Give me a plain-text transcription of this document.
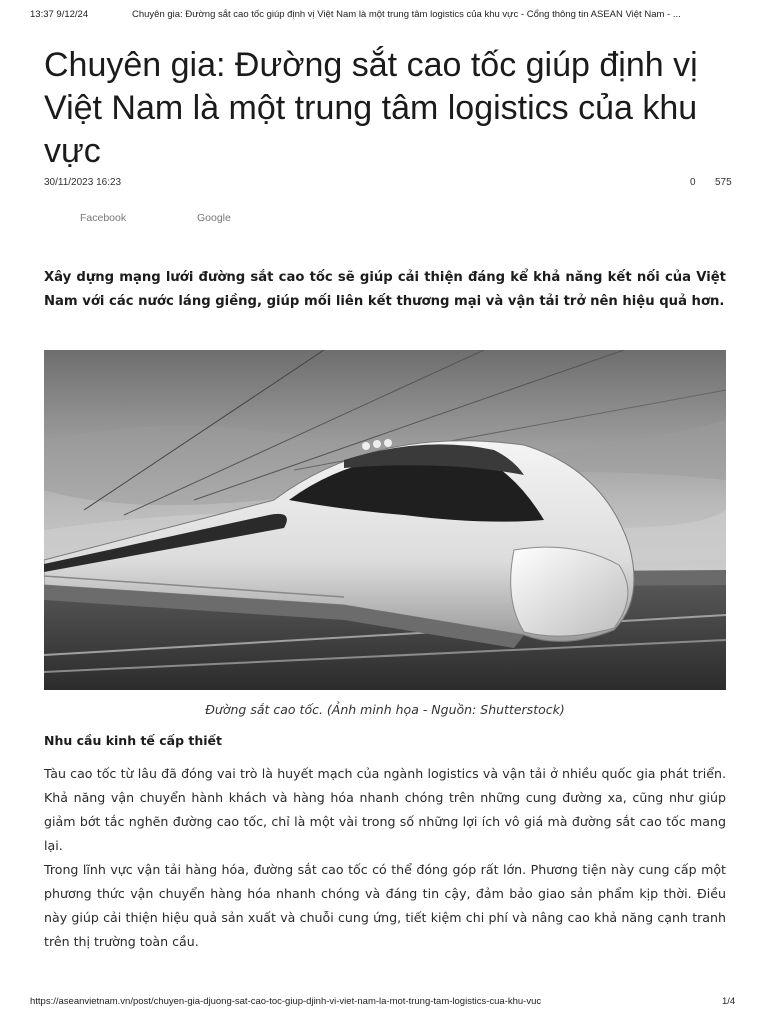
13:37 9/12/24	Chuyên gia: Đường sắt cao tốc giúp định vị Việt Nam là một trung tâm logistics của khu vực - Cổng thông tin ASEAN Việt Nam - ...
Chuyên gia: Đường sắt cao tốc giúp định vị Việt Nam là một trung tâm logistics của khu vực
30/11/2023 16:23	0 575
Facebook	Google

Xây dựng mạng lưới đường sắt cao tốc sẽ giúp cải thiện đáng kể khả năng kết nối của Việt Nam với các nước láng giềng, giúp mối liên kết thương mại và vận tải trở nên hiệu quả hơn.

Đường sắt cao tốc. (Ảnh minh họa - Nguồn: Shutterstock)
Nhu cầu kinh tế cấp thiết

Tàu cao tốc từ lâu đã đóng vai trò là huyết mạch của ngành logistics và vận tải ở nhiều quốc gia phát triển. Khả năng vận chuyển hành khách và hàng hóa nhanh chóng trên những cung đường xa, cũng như giúp giảm bớt tắc nghẽn đường cao tốc, chỉ là một vài trong số những lợi ích vô giá mà đường sắt cao tốc mang lại.

Trong lĩnh vực vận tải hàng hóa, đường sắt cao tốc có thể đóng góp rất lớn. Phương tiện này cung cấp một phương thức vận chuyển hàng hóa nhanh chóng và đáng tin cậy, đảm bảo giao sản phẩm kịp thời. Điều này giúp cải thiện hiệu quả sản xuất và chuỗi cung ứng, tiết kiệm chi phí và nâng cao khả năng cạnh tranh trên thị trường toàn cầu.

https://aseanvietnam.vn/post/chuyen-gia-djuong-sat-cao-toc-giup-djinh-vi-viet-nam-la-mot-trung-tam-logistics-cua-khu-vuc	1/4
